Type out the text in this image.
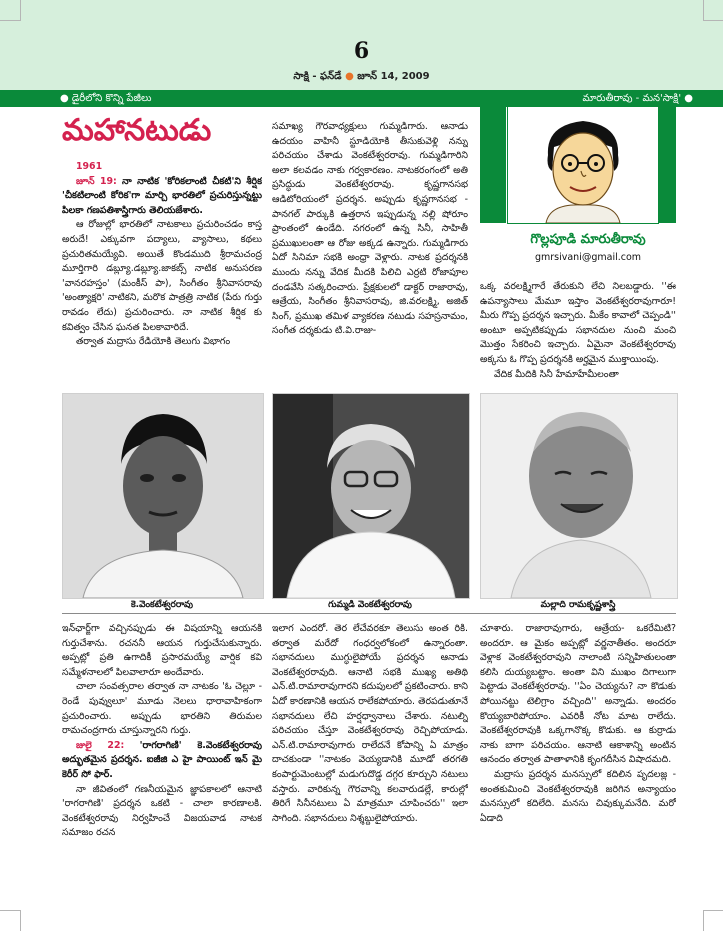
6
సాక్షి - ఫన్‌డే ● జూన్ 14, 2009
● డైరీలోని కొన్ని పేజీలు	మారుతీరావు - మన'సాక్షి' ●
మహానటుడు
గొల్లపూడి మారుతీరావు
gmrsivani@gmail.com

1961

జూన్ 19: నా నాటిక 'కోరికలాంటి చీకటి'ని శీర్షిక 'చీకటిలాంటి కోరిక'గా మార్చి భారతిలో ప్రచురిస్తున్నట్టు పిలకా గణపతిశాస్త్రిగారు తెలియజేశారు.

ఆ రోజుల్లో భారతిలో నాటకాలు ప్రచురించడం కాస్త అరుదే! ఎక్కువగా పద్యాలు, వ్యాసాలు, కథలు ప్రచురితమయ్యేవి. అయితే కొండముది శ్రీరామచంద్ర మూర్తిగారి డబ్ల్యూ.డబ్ల్యూ.జాకబ్స్ నాటిక అనుసరణ 'వానరహస్తం' (మంకీస్ పా), సింగీతం శ్రీనివాసరావు 'అంత్యాక్షరి' నాటికని, మరొక పాత్రత్రి నాటిక (పేరు గుర్తు రావడం లేదు) ప్రచురించారు. నా నాటిక శీర్షిక కు కవిత్వం చేసిన ఘనత పిలకావారిదే.

తర్వాత మద్రాసు రేడియోకి తెలుగు విభాగం

సమాఖ్య గౌరవాధ్యక్షులు గుమ్మడిగారు. ఆనాడు ఉదయం వాహినీ స్టూడియోకి తీసుకువెళ్లి నన్ను పరిచయం చేశాడు వెంకటేశ్వరరావు. గుమ్మడిగారిని అలా కలవడం నాకు గర్వకారణం. నాటకరంగంలో అతి ప్రసిద్ధుడు వెంకటేశ్వరరావు. కృష్ణగానసభ ఆడిటోరియంలో ప్రదర్శన. అప్పుడు కృష్ణగానసభ - పానగల్ పార్కుకి ఉత్తరాన ఇప్పుడున్న నల్లి షోరూం ప్రాంతంలో ఉండేది. నగరంలో ఉన్న సినీ, సాహితీ ప్రముఖులంతా ఆ రోజు అక్కడ ఉన్నారు. గుమ్మడిగారు ఏదో సినిమా సభకి అంధ్రా వెళ్లారు. నాటక ప్రదర్శనకి ముందు నన్ను వేదిక మీదకి పిలిచి ఎర్రటి రోజాపూల దండవేసి సత్కరించారు. ప్రేక్షకులలో డాక్టర్ రాజారావు, ఆత్రేయ, సింగీతం శ్రీనివాసరావు, జి.వరలక్ష్మి, అజిత్ సింగ్, ప్రముఖ తమిళ వ్యాకరణ నటుడు సహస్రనామం, సంగీత దర్శకుడు టి.వి.రాజు-

ఒక్క వరలక్ష్మిగారే తేరుకుని లేచి నిలబడ్డారు. ''ఈ ఉపన్యాసాలు మేమూ ఇస్తాం వెంకటేశ్వరరావుగారూ! మీరు గొప్ప ప్రదర్శన ఇచ్చారు. మీకేం కావాలో చెప్పండి'' అంటూ అప్పటికప్పుడు సభానదుల నుంచి మంచి మొత్తం సేకరించి ఇచ్చారు. ఏమైనా వెంకటేశ్వరరావు అక్కసు ఓ గొప్ప ప్రదర్శనకి అర్హమైన ముక్తాయింపు.

వేదిక మీదికి సినీ హేమాహేమీలంతా

కె.వెంకటేశ్వరరావు	గుమ్మడి వెంకటేశ్వరరావు	మల్లాది రామకృష్ణశాస్త్రి

ఇన్‌ఛార్జ్‌గా వచ్చినప్పుడు ఈ విషయాన్ని ఆయనకి గుర్తుచేశాను. రచననీ ఆయన గుర్తుచేసుకున్నారు. అప్పట్లో ప్రతి ఉగాదికీ ప్రసారమయ్యే వార్షిక కవి సమ్మేళనాలలో పిలవాలారూ అందేవారు.

చాలా సంవత్సరాల తర్వాత నా నాటకం 'ఓ చెల్లూ - రెండే పువ్వులూ' మూడు నెలలు ధారావాహికంగా ప్రచురించారు. అప్పుడు భారతిని తిరుమల రామచంద్రగారు చూస్తున్నారని గుర్తు.

జులై 22: 'రాగరాగిణి' కె.వెంకటేశ్వరరావు అద్భుతమైన ప్రదర్శన. ఐజీజి ఎ హై పాయింట్ ఇన్ మై కెరీర్ సో ఫార్.

నా జీవితంలో గణనీయమైన జ్ఞాపకాలలో ఆనాటి 'రాగరాగిణి' ప్రదర్శన ఒకటి - చాలా కారణాలకి. వెంకటేశ్వరరావు నిర్వహించే విజయవాడ నాటక సమాజం రచన

ఇలాగ ఎందరో. తెర లేచేవరకూ తెలుసు అంత రికి. తర్వాత మరేదో గంధర్వలోకంలో ఉన్నారంతా. సభానదులు ముగ్ధులైపోయే ప్రదర్శన ఆనాడు వెంకటేశ్వరరావుది. ఆనాటి సభకి ముఖ్య అతిథి ఎన్.టి.రామారావుగారని కదుపులలో ప్రకటించారు. కాని ఏదో కారణానికి ఆయన రాలేకపోయారు. తెరపడుతూనే సభానదులు లేచి హర్షధ్వానాలు చేశారు. నటుల్ని పరిచయం చేస్తూ వెంకటేశ్వరరావు రెచ్చిపోయాడు. ఎన్.టి.రామారావుగారు రాలేదనే కోపాన్ని ఏ మాత్రం దాచకుండా ''నాటకం వెయ్యడానికి మూడో తరగతి కంపార్టుమెంటుల్లో మడుగుదొడ్డ దగ్గర కూర్చుని నటులు వస్తారు. వారికున్న గౌరవాన్ని కలవారుడల్లే, కారుల్లో తిరిగే సినీనటులు ఏ మాత్రమూ చూపించరు'' ఇలా సాగింది. సభానదులు నిశ్శబ్దులైపోయారు.

చూశారు. రాజారావుగారు, ఆత్రేయ- ఒకరేమిటి? అందరూ. ఆ మైకం అప్పట్లో వర్ణనాతీతం. అందరూ వెళ్లాక వెంకటేశ్వరరావుని నాలాంటి సన్నిహితులంతా కలిసి దుయ్యబట్టాం. అంతా విని ముఖం దిగాలుగా పెట్టాడు వెంకటేశ్వరరావు. ''ఏం చెయ్యను? నా కొడుకు పోయినట్టు టెలిగ్రాం వచ్చింది'' అన్నాడు. అందరం కొయ్యబారిపోయాం. ఎవరికీ నోట మాట రాలేదు. వెంకటేశ్వరరావుకి ఒక్కగానొక్క కొడుకు. ఆ కుర్రాడు నాకు బాగా పరిచయం. ఆనాటి ఆకాశాన్ని అంటిన ఆనందం తర్వాత పాతాళానికి కృంగదీసిన విషాదమది.

మద్రాసు ప్రదర్శన మనస్సులో కదిలిన పృదలజ్ల - అంతకుమించి వెంకటేశ్వరరావుకి జరిగిన అన్యాయం మనస్సులో కదిలేది. మనసు చివుక్కుమనేది. మరో ఏడాది
